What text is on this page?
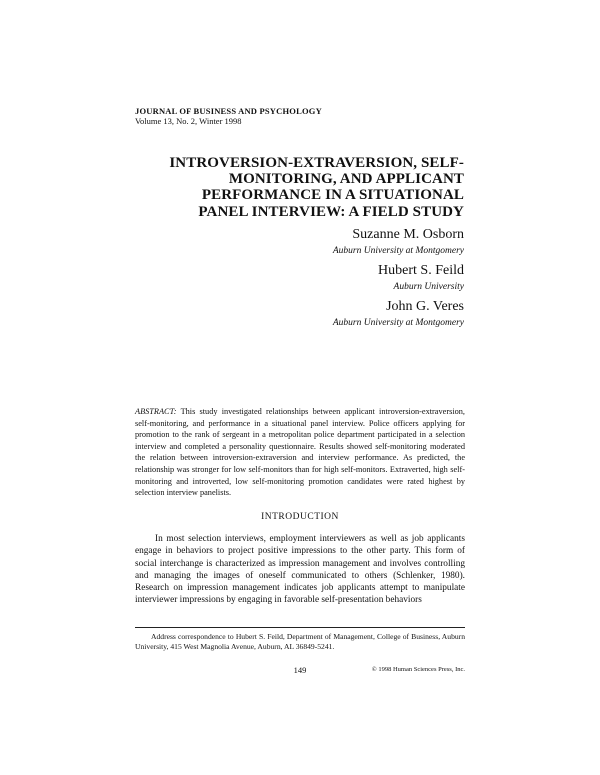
JOURNAL OF BUSINESS AND PSYCHOLOGY
Volume 13, No. 2, Winter 1998
INTROVERSION-EXTRAVERSION, SELF-MONITORING, AND APPLICANT PERFORMANCE IN A SITUATIONAL PANEL INTERVIEW: A FIELD STUDY
Suzanne M. Osborn
Auburn University at Montgomery
Hubert S. Feild
Auburn University
John G. Veres
Auburn University at Montgomery
ABSTRACT: This study investigated relationships between applicant introversion-extraversion, self-monitoring, and performance in a situational panel interview. Police officers applying for promotion to the rank of sergeant in a metropolitan police department participated in a selection interview and completed a personality questionnaire. Results showed self-monitoring moderated the relation between introversion-extraversion and interview performance. As predicted, the relationship was stronger for low self-monitors than for high self-monitors. Extraverted, high self-monitoring and introverted, low self-monitoring promotion candidates were rated highest by selection interview panelists.
INTRODUCTION
In most selection interviews, employment interviewers as well as job applicants engage in behaviors to project positive impressions to the other party. This form of social interchange is characterized as impression management and involves controlling and managing the images of oneself communicated to others (Schlenker, 1980). Research on impression management indicates job applicants attempt to manipulate interviewer impressions by engaging in favorable self-presentation behaviors
Address correspondence to Hubert S. Feild, Department of Management, College of Business, Auburn University, 415 West Magnolia Avenue, Auburn, AL 36849-5241.
149	© 1998 Human Sciences Press, Inc.
